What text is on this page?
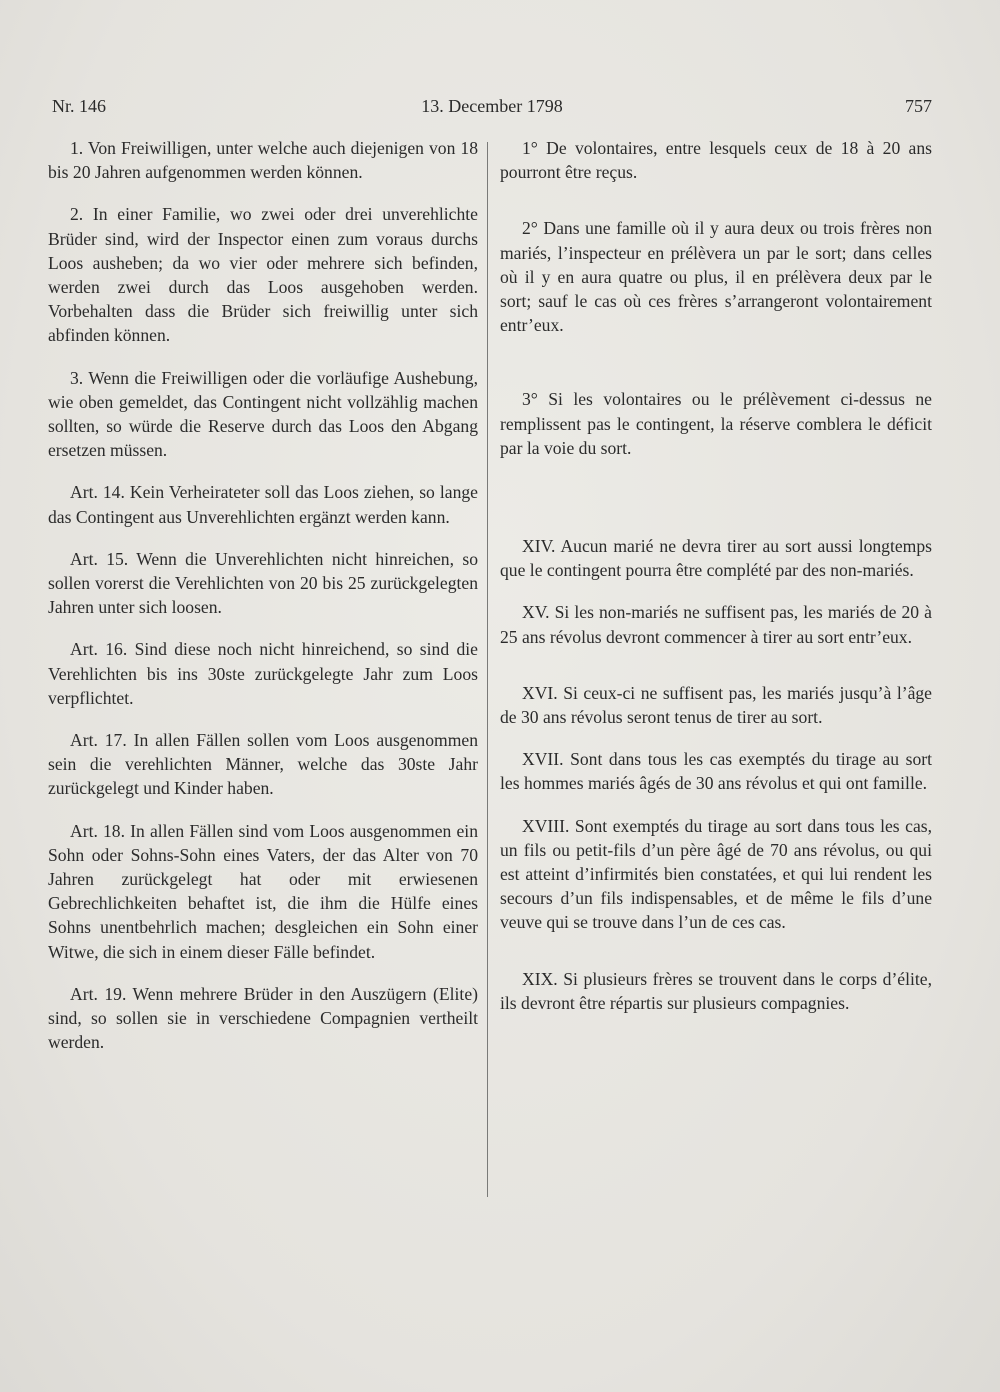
Nr. 146	13. December 1798	757

1. Von Freiwilligen, unter welche auch diejenigen von 18 bis 20 Jahren aufgenommen werden können.

2. In einer Familie, wo zwei oder drei unverehlichte Brüder sind, wird der Inspector einen zum voraus durchs Loos ausheben; da wo vier oder mehrere sich befinden, werden zwei durch das Loos ausgehoben werden. Vorbehalten dass die Brüder sich freiwillig unter sich abfinden können.

3. Wenn die Freiwilligen oder die vorläufige Aushebung, wie oben gemeldet, das Contingent nicht vollzählig machen sollten, so würde die Reserve durch das Loos den Abgang ersetzen müssen.

Art. 14. Kein Verheirateter soll das Loos ziehen, so lange das Contingent aus Unverehlichten ergänzt werden kann.

Art. 15. Wenn die Unverehlichten nicht hinreichen, so sollen vorerst die Verehlichten von 20 bis 25 zurückgelegten Jahren unter sich loosen.

Art. 16. Sind diese noch nicht hinreichend, so sind die Verehlichten bis ins 30ste zurückgelegte Jahr zum Loos verpflichtet.

Art. 17. In allen Fällen sollen vom Loos ausgenommen sein die verehlichten Männer, welche das 30ste Jahr zurückgelegt und Kinder haben.

Art. 18. In allen Fällen sind vom Loos ausgenommen ein Sohn oder Sohns-Sohn eines Vaters, der das Alter von 70 Jahren zurückgelegt hat oder mit erwiesenen Gebrechlichkeiten behaftet ist, die ihm die Hülfe eines Sohns unentbehrlich machen; desgleichen ein Sohn einer Witwe, die sich in einem dieser Fälle befindet.

Art. 19. Wenn mehrere Brüder in den Auszügern (Elite) sind, so sollen sie in verschiedene Compagnien vertheilt werden.

1° De volontaires, entre lesquels ceux de 18 à 20 ans pourront être reçus.

2° Dans une famille où il y aura deux ou trois frères non mariés, l’inspecteur en prélèvera un par le sort; dans celles où il y en aura quatre ou plus, il en prélèvera deux par le sort; sauf le cas où ces frères s’arrangeront volontairement entr’eux.

3° Si les volontaires ou le prélèvement ci-dessus ne remplissent pas le contingent, la réserve comblera le déficit par la voie du sort.

XIV. Aucun marié ne devra tirer au sort aussi longtemps que le contingent pourra être complété par des non-mariés.

XV. Si les non-mariés ne suffisent pas, les mariés de 20 à 25 ans révolus devront commencer à tirer au sort entr’eux.

XVI. Si ceux-ci ne suffisent pas, les mariés jusqu’à l’âge de 30 ans révolus seront tenus de tirer au sort.

XVII. Sont dans tous les cas exemptés du tirage au sort les hommes mariés âgés de 30 ans révolus et qui ont famille.

XVIII. Sont exemptés du tirage au sort dans tous les cas, un fils ou petit-fils d’un père âgé de 70 ans révolus, ou qui est atteint d’infirmités bien constatées, et qui lui rendent les secours d’un fils indispensables, et de même le fils d’une veuve qui se trouve dans l’un de ces cas.

XIX. Si plusieurs frères se trouvent dans le corps d’élite, ils devront être répartis sur plusieurs compagnies.
